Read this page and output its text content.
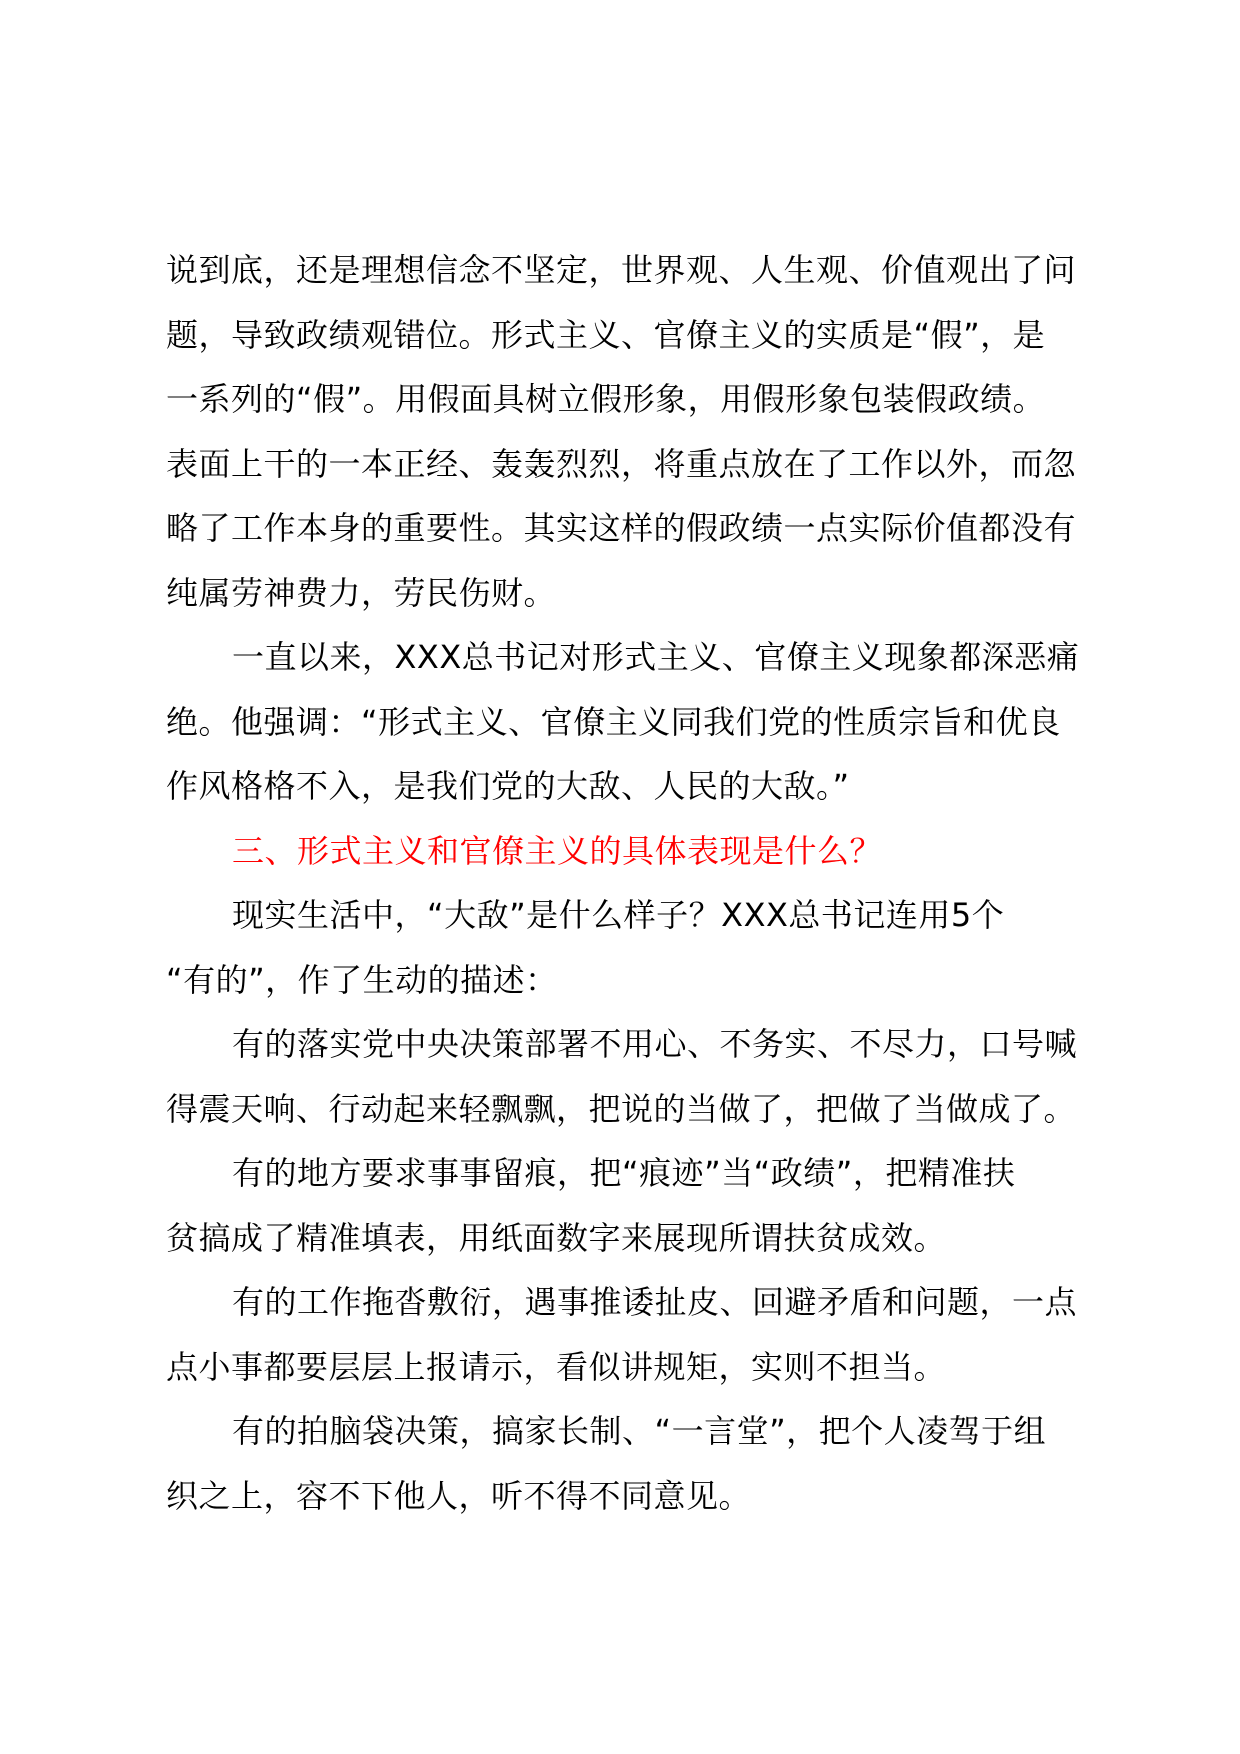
说到底，还是理想信念不坚定，世界观、人生观、价值观出了问
题，导致政绩观错位。形式主义、官僚主义的实质是“假”，是
一系列的“假”。用假面具树立假形象，用假形象包装假政绩。
表面上干的一本正经、轰轰烈烈，将重点放在了工作以外，而忽
略了工作本身的重要性。其实这样的假政绩一点实际价值都没有
纯属劳神费力，劳民伤财。
一直以来，XXX总书记对形式主义、官僚主义现象都深恶痛
绝。他强调：“形式主义、官僚主义同我们党的性质宗旨和优良
作风格格不入，是我们党的大敌、人民的大敌。”
三、形式主义和官僚主义的具体表现是什么？
现实生活中，“大敌”是什么样子？XXX总书记连用5个
“有的”，作了生动的描述：
有的落实党中央决策部署不用心、不务实、不尽力，口号喊
得震天响、行动起来轻飘飘，把说的当做了，把做了当做成了。
有的地方要求事事留痕，把“痕迹”当“政绩”，把精准扶
贫搞成了精准填表，用纸面数字来展现所谓扶贫成效。
有的工作拖沓敷衍，遇事推诿扯皮、回避矛盾和问题，一点
点小事都要层层上报请示，看似讲规矩，实则不担当。
有的拍脑袋决策，搞家长制、“一言堂”，把个人凌驾于组
织之上，容不下他人，听不得不同意见。
